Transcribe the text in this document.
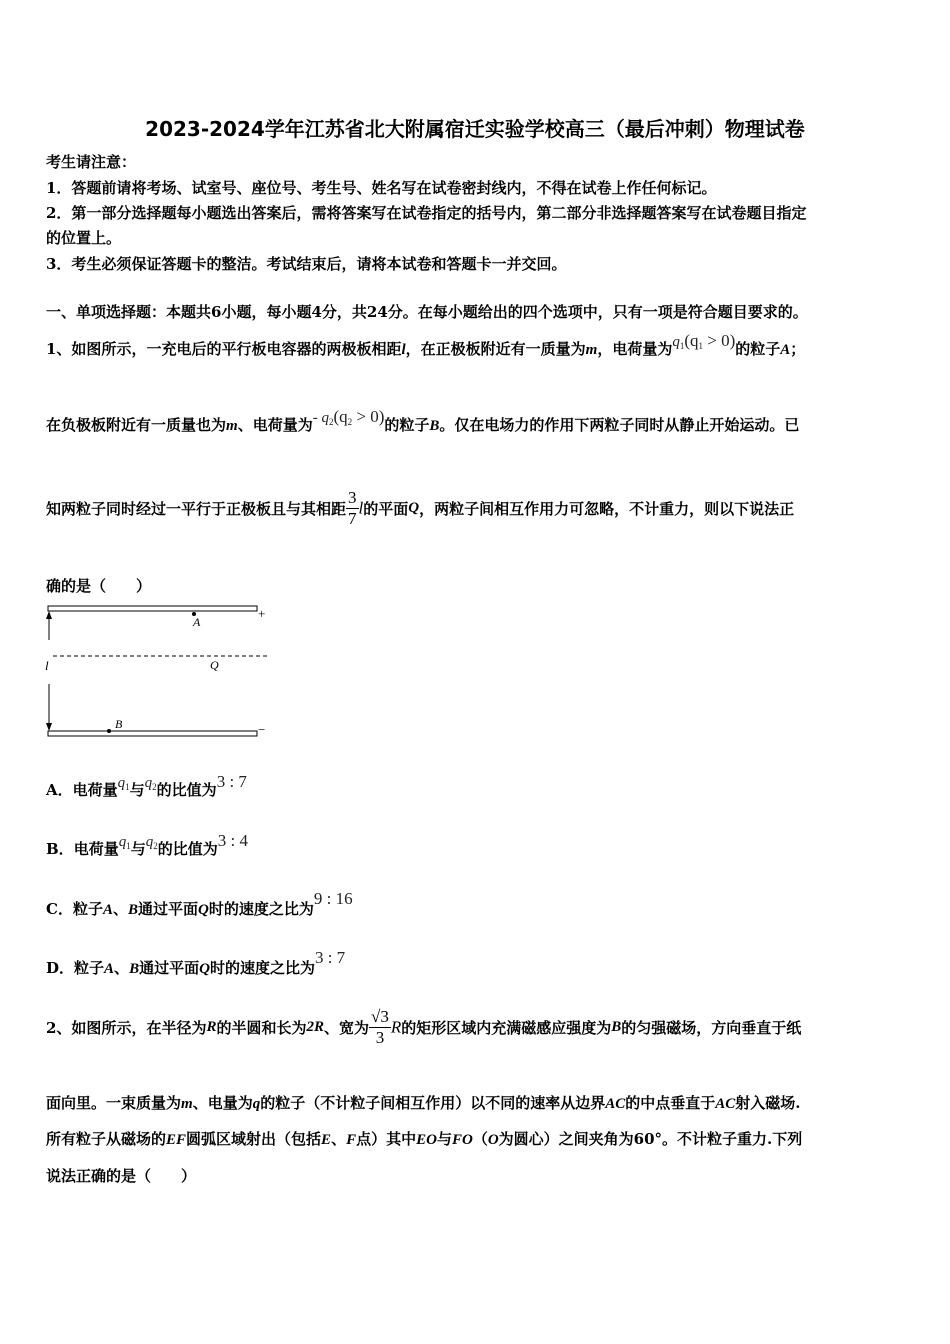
2023-2024学年江苏省北大附属宿迁实验学校高三（最后冲刺）物理试卷
考生请注意：
1．答题前请将考场、试室号、座位号、考生号、姓名写在试卷密封线内，不得在试卷上作任何标记。
2．第一部分选择题每小题选出答案后，需将答案写在试卷指定的括号内，第二部分非选择题答案写在试卷题目指定
的位置上。
3．考生必须保证答题卡的整洁。考试结束后，请将本试卷和答题卡一并交回。
一、单项选择题：本题共6小题，每小题4分，共24分。在每小题给出的四个选项中，只有一项是符合题目要求的。
1、如图所示，一充电后的平行板电容器的两极板相距l，在正极板附近有一质量为m，电荷量为$q_1(q_1 > 0)$的粒子A；
在负极板附近有一质量也为m、电荷量为- $q_2(q_2 > 0)$的粒子B。仅在电场力的作用下两粒子同时从静止开始运动。已
知两粒子同时经过一平行于正极板且与其相距 $\frac{3}{7}$ l的平面Q，两粒子间相互作用力可忽略，不计重力，则以下说法正
确的是（　　）
+
−
A
B
Q
l
A．电荷量$q_1$与$q_2$的比值为3 : 7
B．电荷量$q_1$与$q_2$的比值为3 : 4
C．粒子A、B通过平面Q时的速度之比为9 : 16
D．粒子A、B通过平面Q时的速度之比为3 : 7
2、如图所示，在半径为R的半圆和长为2R、宽为 $\frac{√3}{3}$ R的矩形区域内充满磁感应强度为B的匀强磁场，方向垂直于纸
面向里。一束质量为m、电量为q的粒子（不计粒子间相互作用）以不同的速率从边界AC的中点垂直于AC射入磁场.
所有粒子从磁场的EF圆弧区域射出（包括E、F点）其中EO与FO（O为圆心）之间夹角为60°。不计粒子重力.下列
说法正确的是（　　）
